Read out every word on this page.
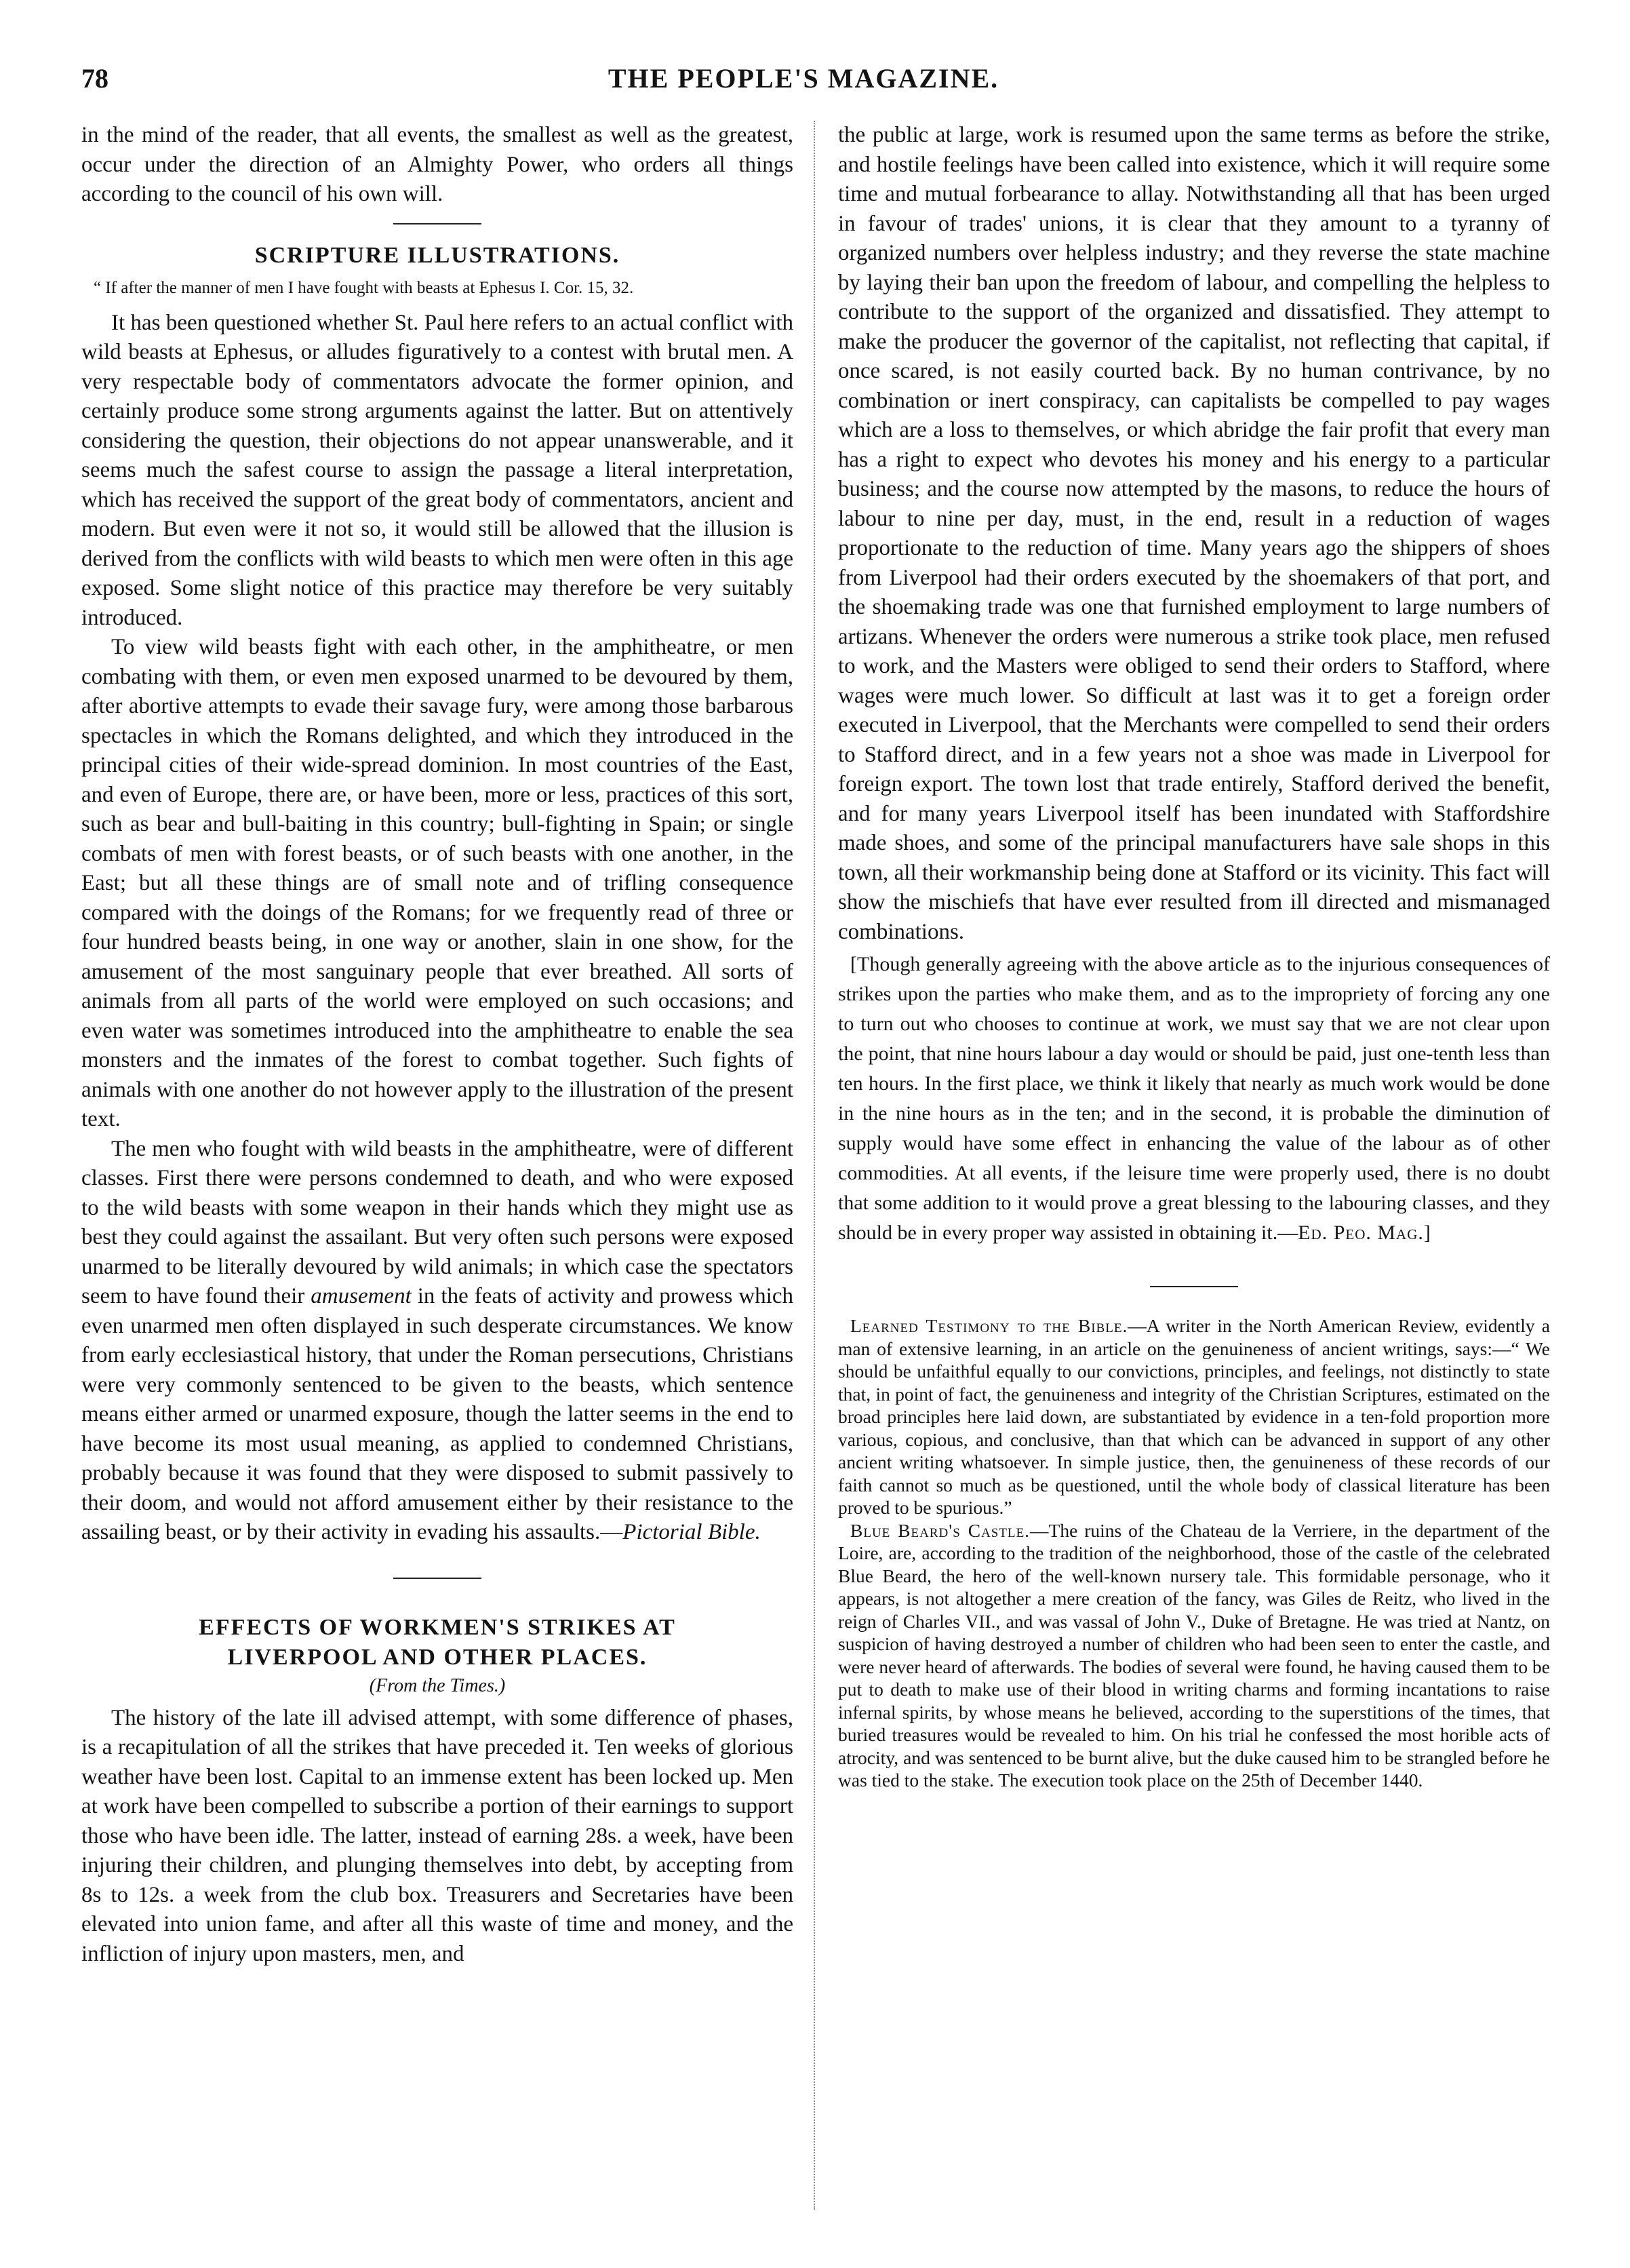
78	THE PEOPLE'S MAGAZINE.

in the mind of the reader, that all events, the smallest as well as the greatest, occur under the direction of an Almighty Power, who orders all things according to the council of his own will.

SCRIPTURE ILLUSTRATIONS.

“ If after the manner of men I have fought with beasts at Ephesus I. Cor. 15, 32.

It has been questioned whether St. Paul here refers to an actual conflict with wild beasts at Ephesus, or alludes figuratively to a contest with brutal men. A very respectable body of commentators advocate the former opinion, and certainly produce some strong arguments against the latter. But on attentively considering the question, their objections do not appear unanswerable, and it seems much the safest course to assign the passage a literal interpretation, which has received the support of the great body of commentators, ancient and modern. But even were it not so, it would still be allowed that the illusion is derived from the conflicts with wild beasts to which men were often in this age exposed. Some slight notice of this practice may therefore be very suitably introduced.

To view wild beasts fight with each other, in the amphitheatre, or men combating with them, or even men exposed unarmed to be devoured by them, after abortive attempts to evade their savage fury, were among those barbarous spectacles in which the Romans delighted, and which they introduced in the principal cities of their wide-spread dominion. In most countries of the East, and even of Europe, there are, or have been, more or less, practices of this sort, such as bear and bull-baiting in this country; bull-fighting in Spain; or single combats of men with forest beasts, or of such beasts with one another, in the East; but all these things are of small note and of trifling consequence compared with the doings of the Romans; for we frequently read of three or four hundred beasts being, in one way or another, slain in one show, for the amusement of the most sanguinary people that ever breathed. All sorts of animals from all parts of the world were employed on such occasions; and even water was sometimes introduced into the amphitheatre to enable the sea monsters and the inmates of the forest to combat together. Such fights of animals with one another do not however apply to the illustration of the present text.

The men who fought with wild beasts in the amphitheatre, were of different classes. First there were persons condemned to death, and who were exposed to the wild beasts with some weapon in their hands which they might use as best they could against the assailant. But very often such persons were exposed unarmed to be literally devoured by wild animals; in which case the spectators seem to have found their amusement in the feats of activity and prowess which even unarmed men often displayed in such desperate circumstances. We know from early ecclesiastical history, that under the Roman persecutions, Christians were very commonly sentenced to be given to the beasts, which sentence means either armed or unarmed exposure, though the latter seems in the end to have become its most usual meaning, as applied to condemned Christians, probably because it was found that they were disposed to submit passively to their doom, and would not afford amusement either by their resistance to the assailing beast, or by their activity in evading his assaults.—Pictorial Bible.

EFFECTS OF WORKMEN'S STRIKES AT LIVERPOOL AND OTHER PLACES.

(From the Times.)

The history of the late ill advised attempt, with some difference of phases, is a recapitulation of all the strikes that have preceded it. Ten weeks of glorious weather have been lost. Capital to an immense extent has been locked up. Men at work have been compelled to subscribe a portion of their earnings to support those who have been idle. The latter, instead of earning 28s. a week, have been injuring their children, and plunging themselves into debt, by accepting from 8s to 12s. a week from the club box. Treasurers and Secretaries have been elevated into union fame, and after all this waste of time and money, and the infliction of injury upon masters, men, and

the public at large, work is resumed upon the same terms as before the strike, and hostile feelings have been called into existence, which it will require some time and mutual forbearance to allay. Notwithstanding all that has been urged in favour of trades' unions, it is clear that they amount to a tyranny of organized numbers over helpless industry; and they reverse the state machine by laying their ban upon the freedom of labour, and compelling the helpless to contribute to the support of the organized and dissatisfied. They attempt to make the producer the governor of the capitalist, not reflecting that capital, if once scared, is not easily courted back. By no human contrivance, by no combination or inert conspiracy, can capitalists be compelled to pay wages which are a loss to themselves, or which abridge the fair profit that every man has a right to expect who devotes his money and his energy to a particular business; and the course now attempted by the masons, to reduce the hours of labour to nine per day, must, in the end, result in a reduction of wages proportionate to the reduction of time. Many years ago the shippers of shoes from Liverpool had their orders executed by the shoemakers of that port, and the shoemaking trade was one that furnished employment to large numbers of artizans. Whenever the orders were numerous a strike took place, men refused to work, and the Masters were obliged to send their orders to Stafford, where wages were much lower. So difficult at last was it to get a foreign order executed in Liverpool, that the Merchants were compelled to send their orders to Stafford direct, and in a few years not a shoe was made in Liverpool for foreign export. The town lost that trade entirely, Stafford derived the benefit, and for many years Liverpool itself has been inundated with Staffordshire made shoes, and some of the principal manufacturers have sale shops in this town, all their workmanship being done at Stafford or its vicinity. This fact will show the mischiefs that have ever resulted from ill directed and mismanaged combinations.

[Though generally agreeing with the above article as to the injurious consequences of strikes upon the parties who make them, and as to the impropriety of forcing any one to turn out who chooses to continue at work, we must say that we are not clear upon the point, that nine hours labour a day would or should be paid, just one-tenth less than ten hours. In the first place, we think it likely that nearly as much work would be done in the nine hours as in the ten; and in the second, it is probable the diminution of supply would have some effect in enhancing the value of the labour as of other commodities. At all events, if the leisure time were properly used, there is no doubt that some addition to it would prove a great blessing to the labouring classes, and they should be in every proper way assisted in obtaining it.—Ed. Peo. Mag.]

Learned Testimony to the Bible.—A writer in the North American Review, evidently a man of extensive learning, in an article on the genuineness of ancient writings, says:—“ We should be unfaithful equally to our convictions, principles, and feelings, not distinctly to state that, in point of fact, the genuineness and integrity of the Christian Scriptures, estimated on the broad principles here laid down, are substantiated by evidence in a ten-fold proportion more various, copious, and conclusive, than that which can be advanced in support of any other ancient writing whatsoever. In simple justice, then, the genuineness of these records of our faith cannot so much as be questioned, until the whole body of classical literature has been proved to be spurious.”

Blue Beard's Castle.—The ruins of the Chateau de la Verriere, in the department of the Loire, are, according to the tradition of the neighborhood, those of the castle of the celebrated Blue Beard, the hero of the well-known nursery tale. This formidable personage, who it appears, is not altogether a mere creation of the fancy, was Giles de Reitz, who lived in the reign of Charles VII., and was vassal of John V., Duke of Bretagne. He was tried at Nantz, on suspicion of having destroyed a number of children who had been seen to enter the castle, and were never heard of afterwards. The bodies of several were found, he having caused them to be put to death to make use of their blood in writing charms and forming incantations to raise infernal spirits, by whose means he believed, according to the superstitions of the times, that buried treasures would be revealed to him. On his trial he confessed the most horible acts of atrocity, and was sentenced to be burnt alive, but the duke caused him to be strangled before he was tied to the stake. The execution took place on the 25th of December 1440.
